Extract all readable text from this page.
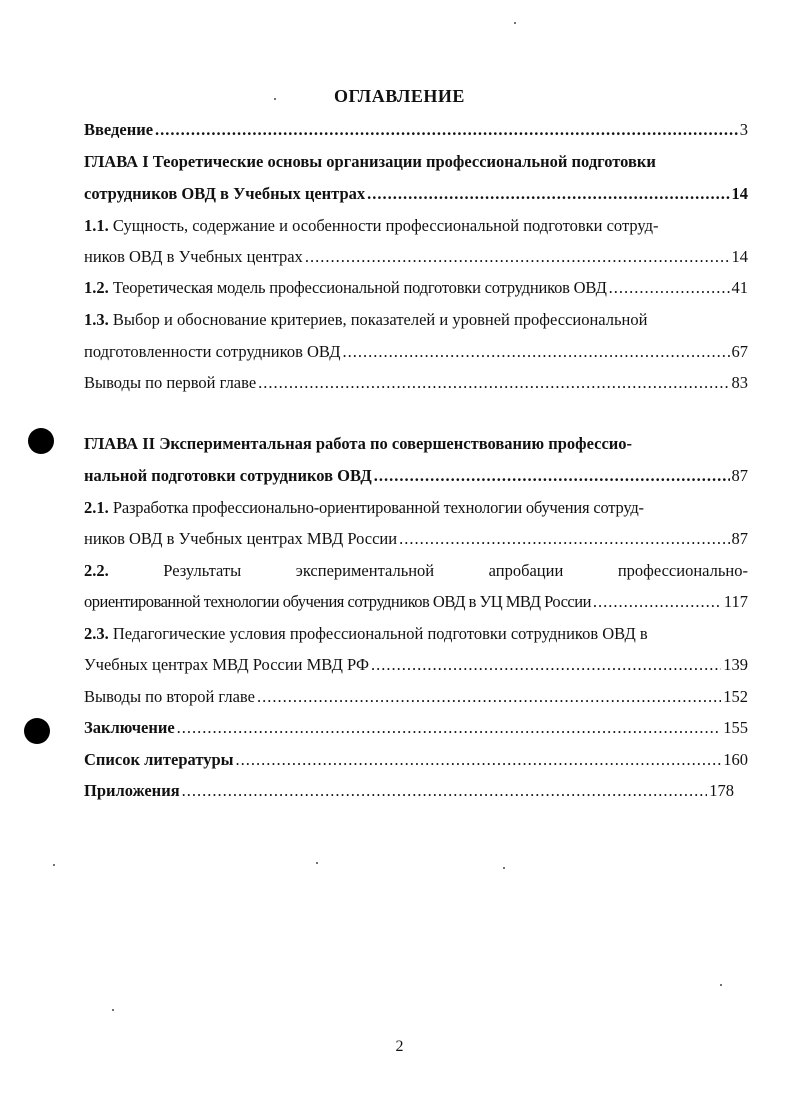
ОГЛАВЛЕНИЕ
Введение .....	3
ГЛАВА I Теоретические основы организации профессиональной подготовки
сотрудников ОВД в Учебных центрах .....	14
1.1. Сущность, содержание и особенности профессиональной подготовки сотруд-
ников ОВД в Учебных центрах .....	14
1.2. Теоретическая модель профессиональной подготовки сотрудников ОВД .....	41
1.3. Выбор и обоснование критериев, показателей и уровней профессиональной
подготовленности сотрудников ОВД .....	67
Выводы по первой главе .....	83
ГЛАВА II Экспериментальная работа по совершенствованию профессио-
нальной подготовки сотрудников ОВД .....	87
2.1. Разработка профессионально-ориентированной технологии обучения сотруд-
ников ОВД в Учебных центрах МВД России .....	87
2.2.	Результаты	экспериментальной	апробации	профессионально-
ориентированной технологии обучения сотрудников ОВД в УЦ МВД России .....	117
2.3. Педагогические условия профессиональной подготовки сотрудников ОВД в
Учебных центрах МВД России МВД РФ .....	139
Выводы по второй главе .....	152
Заключение .....	155
Список литературы .....	160
Приложения .....	178
2
